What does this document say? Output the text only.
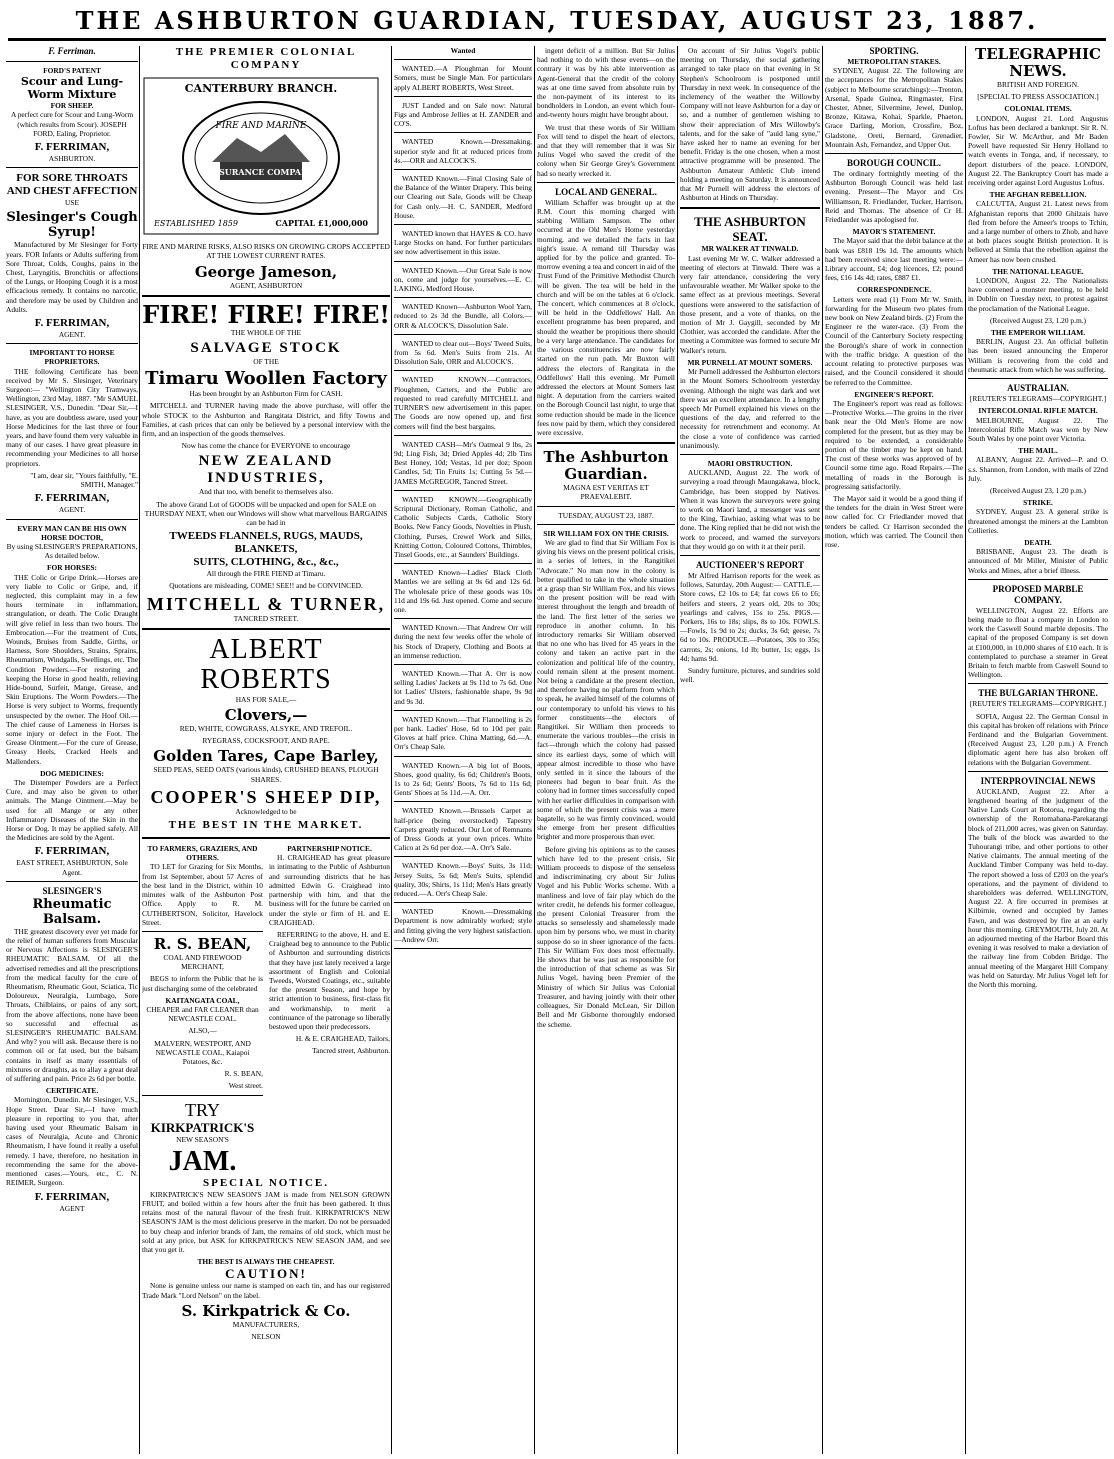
THE ASHBURTON GUARDIAN, TUESDAY, AUGUST 23, 1887.
F. Ferriman.
FORD'S PATENT
Scour and Lung-Worm Mixture
FOR SHEEP.

A perfect cure for Scour and Lung-Worm (which results from Scour). JOSEPH FORD, Ealing, Proprietor.

F. FERRIMAN,

ASHBURTON.

FOR SORE THROATS AND CHEST AFFECTION

USE

Slesinger's Cough Syrup!

Manufactured by Mr Slesinger for Forty years. FOR Infants or Adults suffering from Sore Throat, Colds, Coughs, pains in the Chest, Laryngitis, Bronchitis or affections of the Lungs, or Hooping Cough it is a most efficacious remedy. It contains no narcotic, and therefore may be used by Children and Adults.

F. FERRIMAN,

AGENT.

IMPORTANT TO HORSE PROPRIETORS.

THE following Certificate has been received by Mr S. Slesinger, Veterinary Surgeon:— "Wellington City Tramways, Wellington, 23rd May, 1887. "Mr SAMUEL SLESINGER, V.S., Dunedin. "Dear Sir,—I have, as you are doubtless aware, used your Horse Medicines for the last three or four years, and have found them very valuable in many of our cases. I have great pleasure in recommending your Medicines to all horse proprietors.

"I am, dear sir, "Yours faithfully, "E. SMITH, Manager."

F. FERRIMAN,

AGENT.

EVERY MAN CAN BE HIS OWN HORSE DOCTOR,

By using SLESINGER'S PREPARATIONS, As detailed below.

FOR HORSES:

THE Colic or Gripe Drink.—Horses are very liable to Colic or Gripe, and, if neglected, this complaint may in a few hours terminate in inflammation, strangulation, or death. The Colic Draught will give relief in less than two hours. The Embrocation.—For the treatment of Cuts, Wounds, Bruises from Saddle, Girths, or Harness, Sore Shoulders, Strains, Sprains, Rheumatism, Windgalls, Swellings, etc. The Condition Powders.—For restoring and keeping the Horse in good health, relieving Hide-bound, Surfeit, Mange, Grease, and Skin Eruptions. The Worm Powders.—The Horse is very subject to Worms, frequently unsuspected by the owner. The Hoof Oil.—The chief cause of Lameness in Horses is some injury or defect in the Foot. The Grease Ointment.—For the cure of Grease, Greasy Heels, Cracked Heels and Mallenders.

DOG MEDICINES:

The Distemper Powders are a Perfect Cure, and may also be given to other animals. The Mange Ointment.—May be used for all Mange or any other Inflammatory Diseases of the Skin in the Horse or Dog. It may be applied safely. All the Medicines are sold by the Agent.

F. FERRIMAN,

EAST STREET, ASHBURTON, Sole Agent.

SLESINGER'S
Rheumatic Balsam.

THE greatest discovery ever yet made for the relief of human sufferers from Muscular or Nervous Affections is SLESINGER'S RHEUMATIC BALSAM. Of all the advertised remedies and all the prescriptions from the medical faculty for the cure of Rheumatism, Rheumatic Gout, Sciatica, Tic Doloureux, Neuralgia, Lumbago, Sore Throats, Chilblains, or pains of any sort, from the above affections, none have been so successful and effectual as SLESINGER'S RHEUMATIC BALSAM. And why? you will ask. Because there is no common oil or fat used, but the balsam contains in itself as many essentials of mixtures or draughts, as to allay a great deal of suffering and pain. Price 2s 6d per bottle.

CERTIFICATE.

Mornington, Dunedin. Mr Slesinger, V.S., Hope Street. Dear Sir,—I have much pleasure in reporting to you that, after having used your Rheumatic Balsam in cases of Neuralgia, Acute and Chronic Rheumatism, I have found it really a useful remedy. I have, therefore, no hesitation in recommending the same for the above-mentioned cases.—Yours, etc., C. N. REIMER, Surgeon.

F. FERRIMAN,

AGENT

THE PREMIER COLONIAL COMPANY
CANTERBURY BRANCH.
FIRE AND MARINE
INSURANCE COMPANY
ESTABLISHED 1859	CAPITAL £1,000,000

FIRE AND MARINE RISKS, ALSO RISKS ON GROWING CROPS ACCEPTED AT THE LOWEST CURRENT RATES.

George Jameson,

AGENT, ASHBURTON

FIRE! FIRE! FIRE!

THE WHOLE OF THE

SALVAGE STOCK

OF THE

Timaru Woollen Factory

Has been brought by an Ashburton Firm for CASH.

MITCHELL and TURNER having made the above purchase, will offer the whole STOCK to the Ashburton and Rangitata District, and fifty Towns and Families, at cash prices that can only be believed by a personal interview with the firm, and an inspection of the goods themselves.

Now has come the chance for EVERYONE to encourage

NEW ZEALAND INDUSTRIES,

And that too, with benefit to themselves also.

The above Grand Lot of GOODS will be unpacked and open for SALE on THURSDAY NEXT, when our Windows will show what marvellous BARGAINS can be had in

TWEEDS FLANNELS, RUGS, MAUDS, BLANKETS,
SUITS, CLOTHING, &c., &c.,

All through the FIRE FIEND at Timaru.

Quotations are misleading, COME! SEE!! and be CONVINCED.

MITCHELL & TURNER,

TANCRED STREET.

ALBERT ROBERTS

HAS FOR SALE,—

Clovers,—

RED, WHITE, COWGRASS, ALSYKE, AND TREFOIL.

RYEGRASS, COCKSFOOT, AND RAPE.

Golden Tares, Cape Barley,

SEED PEAS, SEED OATS (various kinds), CRUSHED BEANS, PLOUGH SHARES.

COOPER'S SHEEP DIP,

Acknowledged to be

THE BEST IN THE MARKET.
TO FARMERS, GRAZIERS, AND OTHERS.

TO LET for Grazing for Six Months, from 1st September, about 57 Acres of the best land in the District, within 10 minutes walk of the Ashburton Post Office. Apply to R. M. CUTHBERTSON, Solicitor, Havelock Street.

R. S. BEAN,

COAL AND FIREWOOD MERCHANT,

BEGS to inform the Public that he is just discharging some of the celebrated

KAITANGATA COAL,

CHEAPER and FAR CLEANER than NEWCASTLE COAL.

ALSO,—

MALVERN, WESTPORT, AND NEWCASTLE COAL, Kaiapoi Potatoes, &c.

R. S. BEAN,

West street.

TRY
KIRKPATRICK'S

NEW SEASON'S

JAM.
PARTNERSHIP NOTICE.

H. CRAIGHEAD has great pleasure in intimating to the Public of Ashburton and surrounding districts that he has admitted Edwin G. Craighead into partnership with him, and that the business will for the future be carried on under the style or firm of H. and E. CRAIGHEAD.

REFERRING to the above, H. and E. Craighead beg to announce to the Public of Ashburton and surrounding districts that they have just lately received a large assortment of English and Colonial Tweeds, Worsted Coatings, etc., suitable for the present Season, and hope by strict attention to business, first-class fit and workmanship, to merit a continuance of the patronage so liberally bestowed upon their predecessors.

H. & E. CRAIGHEAD, Tailors,

Tancred street, Ashburton.

SPECIAL NOTICE.

KIRKPATRICK'S NEW SEASON'S JAM is made from NELSON GROWN FRUIT, and boiled within a few hours after the fruit has been gathered. It thus retains most of the natural flavour of the fresh fruit. KIRKPATRICK'S NEW SEASON'S JAM is the most delicious preserve in the market. Do not be persuaded to buy cheap and inferior brands of Jam, the remains of old stock, which must be sold at any price, but ASK for KIRKPATRICK'S NEW SEASON JAM, and see that you get it.

THE BEST IS ALWAYS THE CHEAPEST.
CAUTION!

None is genuine unless our name is stamped on each tin, and has our registered Trade Mark "Lord Nelson" on the label.

S. Kirkpatrick & Co.

MANUFACTURERS,

NELSON

Wanted

WANTED.—A Ploughman for Mount Somers, must be Single Man. For particulars apply ALBERT ROBERTS, West Street.

JUST Landed and on Sale now: Natural Figs and Ambrose Jellies at H. ZANDER and CO'S.

WANTED Known.—Dressmaking, superior style and fit at reduced prices from 4s.—ORR and ALCOCK'S.

WANTED Known.—Final Closing Sale of the Balance of the Winter Drapery. This being our Clearing out Sale, Goods will be Cheap for Cash only.—H. C. SANDER, Medford House.

WANTED known that HAYES & CO. have Large Stocks on hand. For further particulars see now advertisement in this issue.

WANTED Known.—Our Great Sale is now on, come and judge for yourselves.—E. C. LAKING, Medford House.

WANTED Known—Ashburton Wool Yarn, reduced to 2s 3d the Bundle, all Colors.—ORR & ALCOCK'S, Dissolution Sale.

WANTED to clear out—Boys' Tweed Suits, from 5s 6d. Men's Suits from 21s. At Dissolution Sale, ORR and ALCOCK'S.

WANTED KNOWN.—Contractors, Ploughmen, Carters, and the Public are requested to read carefully MITCHELL and TURNER'S new advertisement in this paper. The Goods are now opened up, and first comers will find the best bargains.

WANTED CASH—Mr's Oatmeal 9 lbs, 2s 9d; Ling Fish, 3d; Dried Apples 4d; 2lb Tins Best Honey, 10d; Vestas, 1d per doz; Spoon Candles, 5d; Tin Fruits 1s; Cutting 5s 5d.—JAMES McGREGOR, Tancred Street.

WANTED KNOWN.—Geographically Scriptural Dictionary, Roman Catholic, and Catholic Subjects Cards, Catholic Story Books. New Fancy Goods, Novelties in Plush, Clothing, Purses, Crewel Work and Silks, Knitting Cotton, Coloured Cottons, Thimbles, Tinsel Goods, etc., at Saunders' Buildings.

WANTED Known—Ladies' Black Cloth Mantles we are selling at 9s 6d and 12s 6d. The wholesale price of these goods was 10s 11d and 19s 6d. Just opened. Come and secure one.

WANTED Known.—That Andrew Orr will during the next few weeks offer the whole of his Stock of Drapery, Clothing and Boots at an immense reduction.

WANTED Known.—That A. Orr is now selling Ladies' Jackets at 9s 11d to 7s 6d. One lot Ladies' Ulsters, fashionable shape, 9s 9d and 9s 3d.

WANTED Known.—That Flannelling is 2s per hank. Ladies' Hose, 6d to 10d per pair. Gloves at half price. China Matting, 6d.—A. Orr's Cheap Sale.

WANTED Known.—A big lot of Boots, Shoes, good quality, 6s 6d; Children's Boots, 1s to 2s 6d; Gents' Boots, 7s 6d to 11s 6d; Gents' Shoes at 5s 11d.—A. Orr.

WANTED Known.—Brussels Carpet at half-price (being overstocked) Tapestry Carpets greatly reduced. Our Lot of Remnants of Dress Goods at your own prices. White Calico at 2s 6d per doz.—A. Orr's Sale.

WANTED Known.—Boys' Suits, 3s 11d; Jersey Suits, 5s 6d; Men's Suits, splendid quality, 30s; Shirts, 1s 11d; Men's Hats greatly reduced.—A. Orr's Cheap Sale.

WANTED Known.—Dressmaking Department is now admirably worked; style and fitting giving the very highest satisfaction.—Andrew Orr.

ingent deficit of a million. But Sir Julius had nothing to do with these events—on the contrary it was by his able intervention as Agent-General that the credit of the colony was at one time saved from absolute ruin by the non-payment of its interest to its bondholders in London, an event which four-and-twenty hours might have brought about.

We trust that these words of Sir William Fox will tend to dispel the heart of electors, and that they will remember that it was Sir Julius Vogel who saved the credit of the colony when Sir George Grey's Government had so nearly wrecked it.

LOCAL AND GENERAL.

William Schaffer was brought up at the R.M. Court this morning charged with stabbing William Sampson. The other occurred at the Old Men's Home yesterday morning, and we detailed the facts in last night's issue. A remand till Thursday was applied for by the police and granted. To-morrow evening a tea and concert in aid of the Trust Fund of the Primitive Methodist Church will be given. The tea will be held in the church and will be on the tables at 6 o'clock. The concert, which commences at 8 o'clock, will be held in the Oddfellows' Hall. An excellent programme has been prepared, and should the weather be propitious there should be a very large attendance. The candidates for the various constituencies are now fairly started on the run path. Mr Buxton will address the electors of Rangitata in the Oddfellows' Hall this evening. Mr Purnell addressed the electors at Mount Somers last night. A deputation from the carriers waited on the Borough Council last night, to urge that some reduction should be made in the licence fees now paid by them, which they considered were excessive.

The Ashburton Guardian.

MAGNA EST VERITAS ET PRAEVALEBIT.

TUESDAY, AUGUST 23, 1887.

SIR WILLIAM FOX ON THE CRISIS.

We are glad to find that Sir William Fox is giving his views on the present political crisis, in a series of letters, in the Rangitikei "Advocate." No man now in the colony is better qualified to take in the whole situation at a grasp than Sir William Fox, and his views on the present position will be read with interest throughout the length and breadth of the land. The first letter of the series we reproduce in another column. In his introductory remarks Sir William observed that no one who has lived for 45 years in the colony and taken an active part in the colonization and political life of the country, could remain silent at the present moment. Not being a candidate at the present election, and therefore having no platform from which to speak, he availed himself of the columns of our contemporary to unfold his views to his former constituents—the electors of Rangitikei. Sir William then proceeds to enumerate the various troubles—the crisis in fact—through which the colony had passed since its earliest days, some of which will appear almost incredible to those who have only settled in it since the labours of the pioneers had begun to bear fruit. As the colony had in former times successfully coped with her earlier difficulties in comparison with some of which the present crisis was a mere bagatelle, so he was firmly convinced, would she emerge from her present difficulties brighter and more prosperous than ever.

Before giving his opinions as to the causes which have led to the present crisis, Sir William proceeds to dispose of the senseless and indiscriminating cry about Sir Julius Vogel and his Public Works scheme. With a manliness and love of fair play which do the writer credit, he defends his former colleague, the present Colonial Treasurer from the attacks so senselessly and shamelessly made upon him by persons who, we must in charity suppose do so in sheer ignorance of the facts. This Sir William Fox does most effectually. He shows that he was just as responsible for the introduction of that scheme as was Sir Julius Vogel, having been Premier of the Ministry of which Sir Julius was Colonial Treasurer, and having jointly with their other colleagues, Sir Donald McLean, Sir Dillon Bell and Mr Gisborne thoroughly endorsed the scheme.

On account of Sir Julius Vogel's public meeting on Thursday, the social gathering arranged to take place on that evening in St Stephen's Schoolroom is postponed until Thursday in next week. In consequence of the inclemency of the weather the Willowby Company will not leave Ashburton for a day or so, and a number of gentlemen wishing to show their appreciation of Mrs Willowby's talents, and for the sake of "auld lang syne," have asked her to name an evening for her benefit. Friday is the one chosen, when a most attractive programme will be presented. The Ashburton Amateur Athletic Club intend holding a meeting on Saturday. It is announced that Mr Purnell will address the electors of Ashburton at Hinds on Thursday.

THE ASHBURTON SEAT.
MR WALKER AT TINWALD.

Last evening Mr W. C. Walker addressed a meeting of electors at Tinwald. There was a very fair attendance, considering the very unfavourable weather. Mr Walker spoke to the same effect as at previous meetings. Several questions were answered to the satisfaction of those present, and a vote of thanks, on the motion of Mr J. Gaygill, seconded by Mr Clothier, was accorded the candidate. After the meeting a Committee was formed to secure Mr Walker's return.

MR PURNELL AT MOUNT SOMERS.

Mr Purnell addressed the Ashburton electors in the Mount Somers Schoolroom yesterday evening. Although the night was dark and wet there was an excellent attendance. In a lengthy speech Mr Purnell explained his views on the questions of the day, and referred to the necessity for retrenchment and economy. At the close a vote of confidence was carried unanimously.

MAORI OBSTRUCTION.

AUCKLAND, August 22. The work of surveying a road through Maungakawa, block, Cambridge, has been stopped by Natives. When it was known the surveyors were going to work on Maori land, a messenger was sent to the King, Tawhiao, asking what was to be done. The King replied that he did not wish the work to proceed, and warned the surveyors that they would go on with it at their peril.

AUCTIONEER'S REPORT

Mr Alfred Harrison reports for the week as follows, Saturday, 20th August:— CATTLE.—Store cows, £2 10s to £4; fat cows £6 to £6; heifers and steers, 2 years old, 20s to 30s; yearlings and calves, 15s to 25s. PIGS.—Porkers, 16s to 18s; slips, 8s to 10s. FOWLS.—Fowls, 1s 9d to 2s; ducks, 3s 6d; geese, 7s 6d to 10s. PRODUCE.—Potatoes, 30s to 35s; carrots, 2s; onions, 1d lb; butter, 1s; eggs, 1s 4d; hams 9d.

Sundry furniture, pictures, and sundries sold well.

SPORTING.
METROPOLITAN STAKES.

SYDNEY, August 22. The following are the acceptances for the Metropolitan Stakes (subject to Melbourne scratchings):—Trenton, Arsenal, Spade Guinea, Ringmaster, First Chester, Abner, Silvermine, Jewel, Dunlop, Bronze, Kitawa, Kohai, Sparkle, Phaeton, Grace Darling, Morion, Crossfire, Boz, Gladstone, Oreti, Bernard, Grenadier, Mountain Ash, Fernandez, and Upper Out.

BOROUGH COUNCIL.

The ordinary fortnightly meeting of the Ashburton Borough Council was held last evening. Present—The Mayor and Crs Williamson, R. Friedlander, Tucker, Harrison, Reid and Thomas. The absence of Cr H. Friedlander was apologised for.

MAYOR'S STATEMENT.

The Mayor said that the debit balance at the bank was £818 19s 1d. The amounts which had been received since last meeting were:—Library account, £4; dog licences, £2; pound fees, £16 14s 4d; rates, £887 £1.

CORRESPONDENCE.

Letters were read (1) From Mr W. Smith, forwarding for the Museum two plates from new book on New Zealand birds. (2) From the Engineer re the water-race. (3) From the Council of the Canterbury Society respecting the Borough's share of work in connection with the traffic bridge. A question of the account relating to protective purposes was raised, and the Council considered it should be referred to the Committee.

ENGINEER'S REPORT.

The Engineer's report was read as follows:—Protective Works.—The groins in the river bank near the Old Men's Home are now completed for the present, but as they may be required to be extended, a considerable portion of the timber may be kept on hand. The cost of these works was approved of by Council some time ago. Road Repairs.—The metalling of roads in the Borough is progressing satisfactorily.

The Mayor said it would be a good thing if the tenders for the drain in West Street were now called for. Cr Friedlander moved that tenders be called. Cr Harrison seconded the motion, which was carried. The Council then rose.

TELEGRAPHIC NEWS.

BRITISH AND FOREIGN.

[SPECIAL TO PRESS ASSOCIATION.]

COLONIAL ITEMS.

LONDON, August 21. Lord Augustus Loftus has been declared a bankrupt. Sir R. N. Fowler, Sir W. McArthur, and Mr Baden Powell have requested Sir Henry Holland to watch events in Tonga, and, if necessary, to deport disturbers of the peace. LONDON, August 22. The Bankruptcy Court has made a receiving order against Lord Augustus Loftus.

THE AFGHAN REBELLION.

CALCUTTA, August 21. Latest news from Afghanistan reports that 2000 Ghilzais have fled from before the Ameer's troops to Tchin, and a large number of others to Zhob, and have at both places sought British protection. It is believed at Simla that the rebellion against the Ameer has now been crushed.

THE NATIONAL LEAGUE.

LONDON, August 22. The Nationalists have convened a monster meeting, to be held in Dublin on Tuesday next, to protest against the proclamation of the National League.

(Received August 23, 1.20 p.m.)

THE EMPEROR WILLIAM.

BERLIN, August 23. An official bulletin has been issued announcing the Emperor William is recovering from the cold and rheumatic attack from which he was suffering.

AUSTRALIAN.

[REUTER'S TELEGRAMS—COPYRIGHT.]

INTERCOLONIAL RIFLE MATCH.

MELBOURNE, August 22. The Intercolonial Rifle Match was won by New South Wales by one point over Victoria.

THE MAIL.

ALBANY, August 22. Arrived—P. and O. s.s. Shannon, from London, with mails of 22nd July.

(Received August 23, 1.20 p.m.)

STRIKE.

SYDNEY, August 23. A general strike is threatened amongst the miners at the Lambton Collieries.

DEATH.

BRISBANE, August 23. The death is announced of Mr Miller, Minister of Public Works and Mines, after a brief illness.

PROPOSED MARBLE COMPANY.

WELLINGTON, August 22. Efforts are being made to float a company in London to work the Caswell Sound marble deposits. The capital of the proposed Company is set down at £100,000, in 10,000 shares of £10 each. It is contemplated to purchase a steamer in Great Britain to fetch marble from Caswell Sound to Wellington.

THE BULGARIAN THRONE.

[REUTER'S TELEGRAMS—COPYRIGHT.]

SOFIA, August 22. The German Consul in this capital has broken off relations with Prince Ferdinand and the Bulgarian Government. (Received August 23, 1.20 p.m.) A French diplomatic agent here has also broken off relations with the Bulgarian Government.

INTERPROVINCIAL NEWS

AUCKLAND, August 22. After a lengthened hearing of the judgment of the Native Lands Court at Rotorua, regarding the ownership of the Rotomahana-Parekarangi block of 211,000 acres, was given on Saturday. The bulk of the block was awarded to the Tuhourangi tribe, and other portions to other Native claimants. The annual meeting of the Auckland Timber Company was held to-day. The report showed a loss of £203 on the year's operations, and the payment of dividend to shareholders was deferred. WELLINGTON, August 22. A fire occurred in premises at Kilbirnie, owned and occupied by James Fawn, and was destroyed by fire at an early hour this morning. GREYMOUTH, July 20. At an adjourned meeting of the Harbor Board this evening it was resolved to make a deviation of the railway line from Cobden Bridge. The annual meeting of the Margaret Hill Company was held on Saturday. Mr Julius Vogel left for the North this morning.
